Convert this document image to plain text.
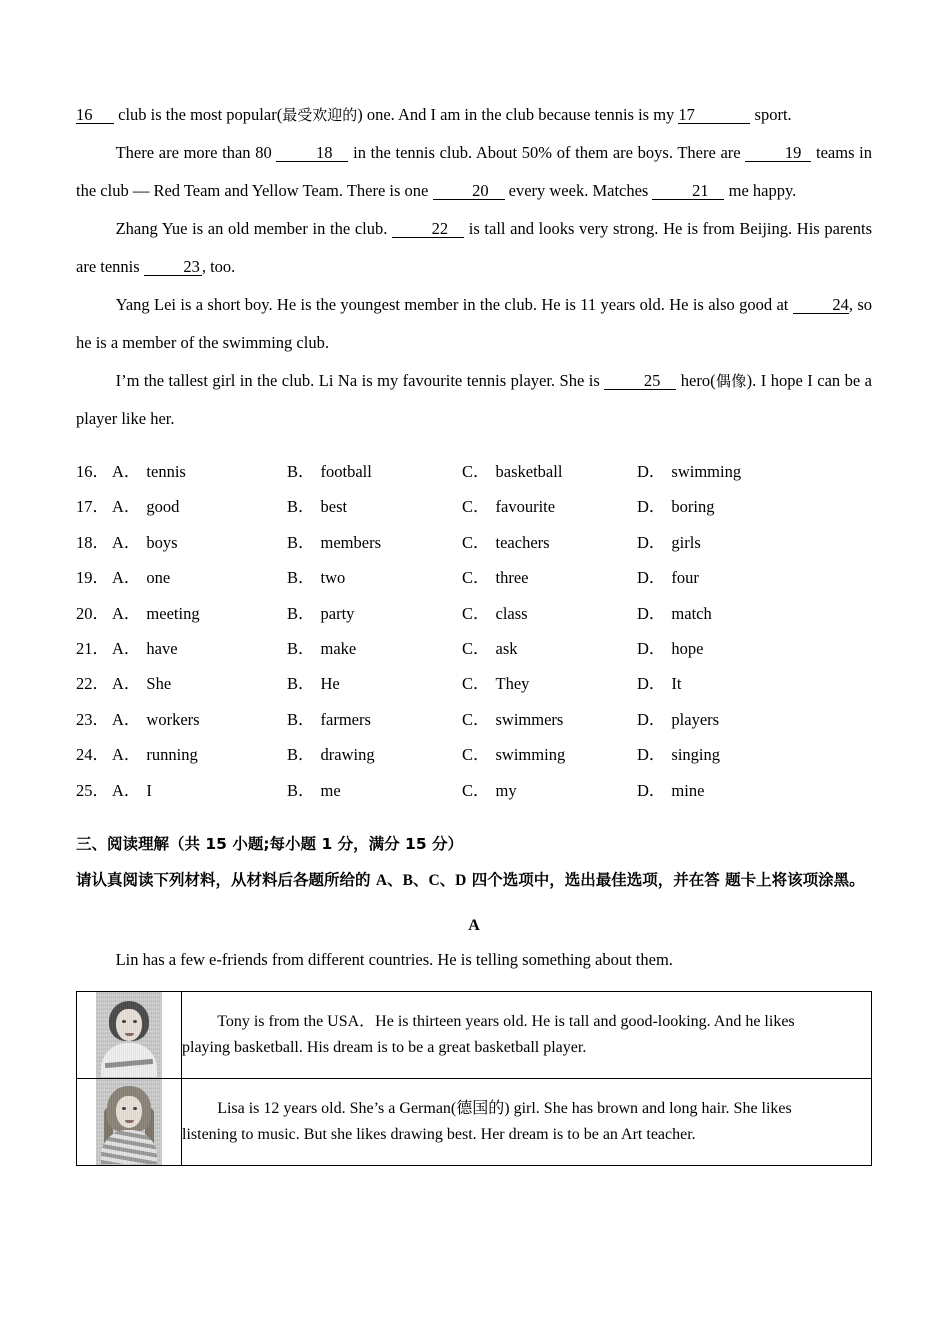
16 club is the most popular(最受欢迎的) one. And I am in the club because tennis is my 17	sport.

There are more than 80	18 in the tennis club. About 50% of them are boys. There are	19 teams in the club — Red Team and Yellow Team. There is one	20 every week. Matches	21 me happy.

Zhang Yue is an old member in the club.	22 is tall and looks very strong. He is from Beijing. His parents are tennis	23 , too.

Yang Lei is a short boy. He is the youngest member in the club. He is 11 years old. He is also good at	24, so he is a member of the swimming club.

I’m the tallest girl in the club. Li Na is my favourite tennis player. She is	25 hero(偶像). I hope I can be a player like her.

16． A． tennis	B． football	C． basketball	D． swimming
17． A． good	B． best	C． favourite	D． boring
18． A． boys	B． members	C． teachers	D． girls
19． A． one	B． two	C． three	D． four
20． A． meeting	B． party	C． class	D． match
21． A． have	B． make	C． ask	D． hope
22． A． She	B． He	C． They	D． It
23． A． workers	B． farmers	C． swimmers	D． players
24． A． running	B． drawing	C． swimming	D． singing
25． A． I	B． me	C． my	D． mine
三、阅读理解（共 15 小题;每小题 1 分，满分 15 分）
请认真阅读下列材料，从材料后各题所给的 A、B、C、D 四个选项中，选出最佳选项，并在答 题卡上将该项涂黑。
A
Lin has a few e-friends from different countries. He is telling something about them.

	Tony is from the USA．He is thirteen years old. He is tall and good-looking. And he likes

playing basketball. His dream is to be a great basketball player.

	Lisa is 12 years old. She’s a German(德国的) girl. She has brown and long hair. She likes

listening to music. But she likes drawing best. Her dream is to be an Art teacher.
